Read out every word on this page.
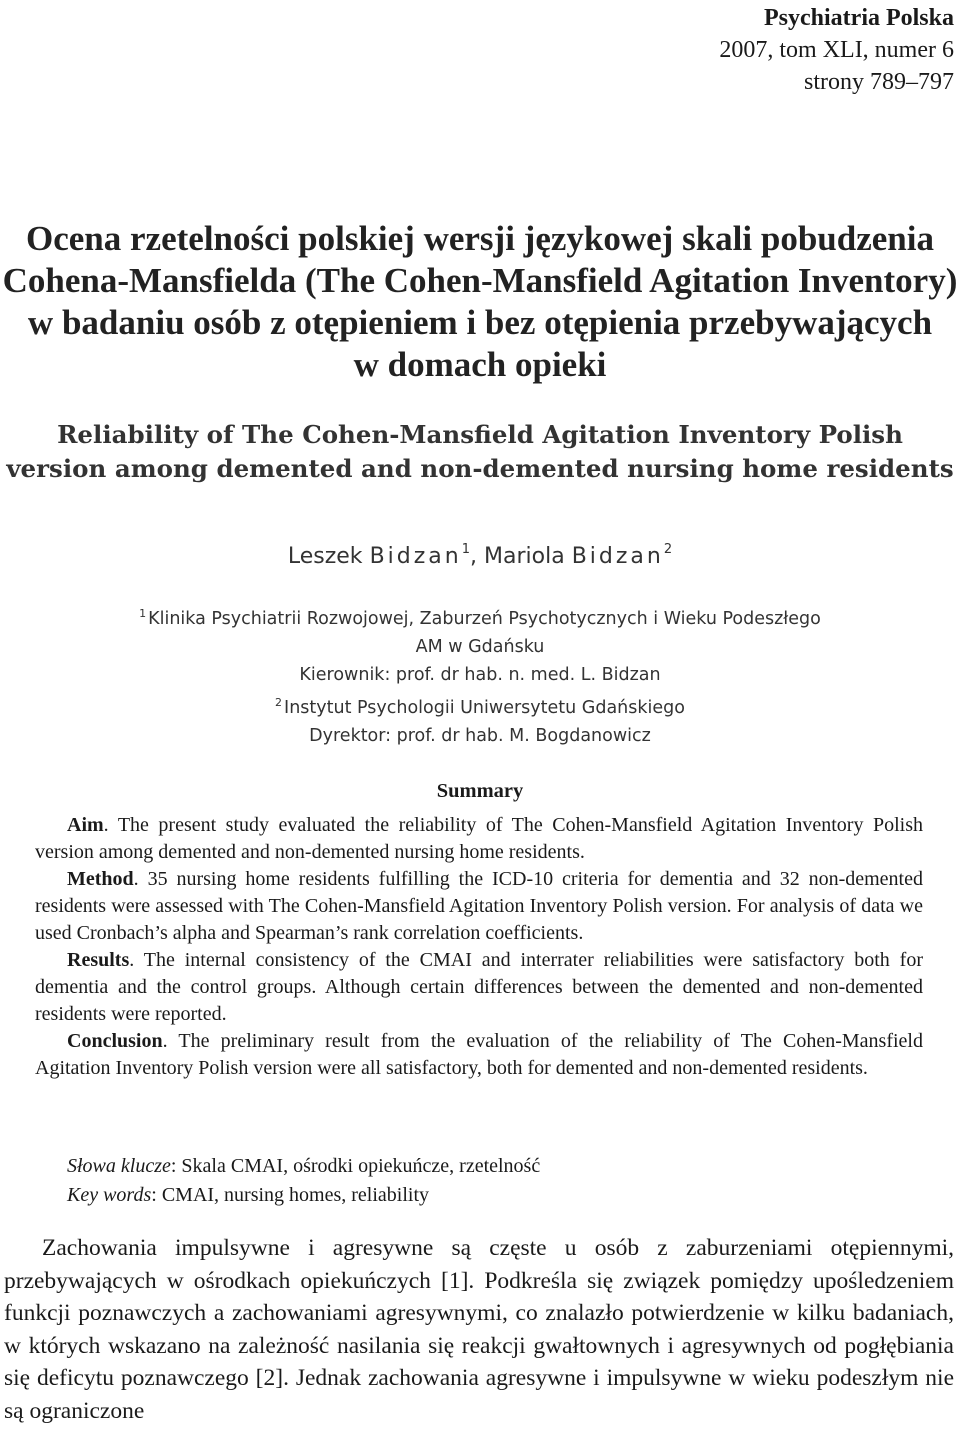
Psychiatria Polska
2007, tom XLI, numer 6
strony 789–797
Ocena rzetelności polskiej wersji językowej skali pobudzenia
Cohena-Mansfielda (The Cohen-Mansfield Agitation Inventory)
w badaniu osób z otępieniem i bez otępienia przebywających
w domach opieki
Reliability of The Cohen-Mansfield Agitation Inventory Polish
version among demented and non-demented nursing home residents
Leszek Bidzan$^1$, Mariola Bidzan$^2$
$^1$ Klinika Psychiatrii Rozwojowej, Zaburzeń Psychotycznych i Wieku Podeszłego
AM w Gdańsku
Kierownik: prof. dr hab. n. med. L. Bidzan
$^2$ Instytut Psychologii Uniwersytetu Gdańskiego
Dyrektor: prof. dr hab. M. Bogdanowicz
Summary

Aim. The present study evaluated the reliability of The Cohen-Mansfield Agitation Inventory Polish version among demented and non-demented nursing home residents.

Method. 35 nursing home residents fulfilling the ICD-10 criteria for dementia and 32 non-demented residents were assessed with The Cohen-Mansfield Agitation Inventory Polish version. For analysis of data we used Cronbach’s alpha and Spearman’s rank correlation coefficients.

Results. The internal consistency of the CMAI and interrater reliabilities were satisfactory both for dementia and the control groups. Although certain differences between the demented and non-demented residents were reported.

Conclusion. The preliminary result from the evaluation of the reliability of The Cohen-Mansfield Agitation Inventory Polish version were all satisfactory, both for demented and non-demented residents.

Słowa klucze: Skala CMAI, ośrodki opiekuńcze, rzetelność
Key words: CMAI, nursing homes, reliability

Zachowania impulsywne i agresywne są częste u osób z zaburzeniami otępiennymi, przebywających w ośrodkach opiekuńczych [1]. Podkreśla się związek pomiędzy upośledzeniem funkcji poznawczych a zachowaniami agresywnymi, co znalazło potwierdzenie w kilku badaniach, w których wskazano na zależność nasilania się reakcji gwałtownych i agresywnych od pogłębiania się deficytu poznawczego [2]. Jednak zachowania agresywne i impulsywne w wieku podeszłym nie są ograniczone
